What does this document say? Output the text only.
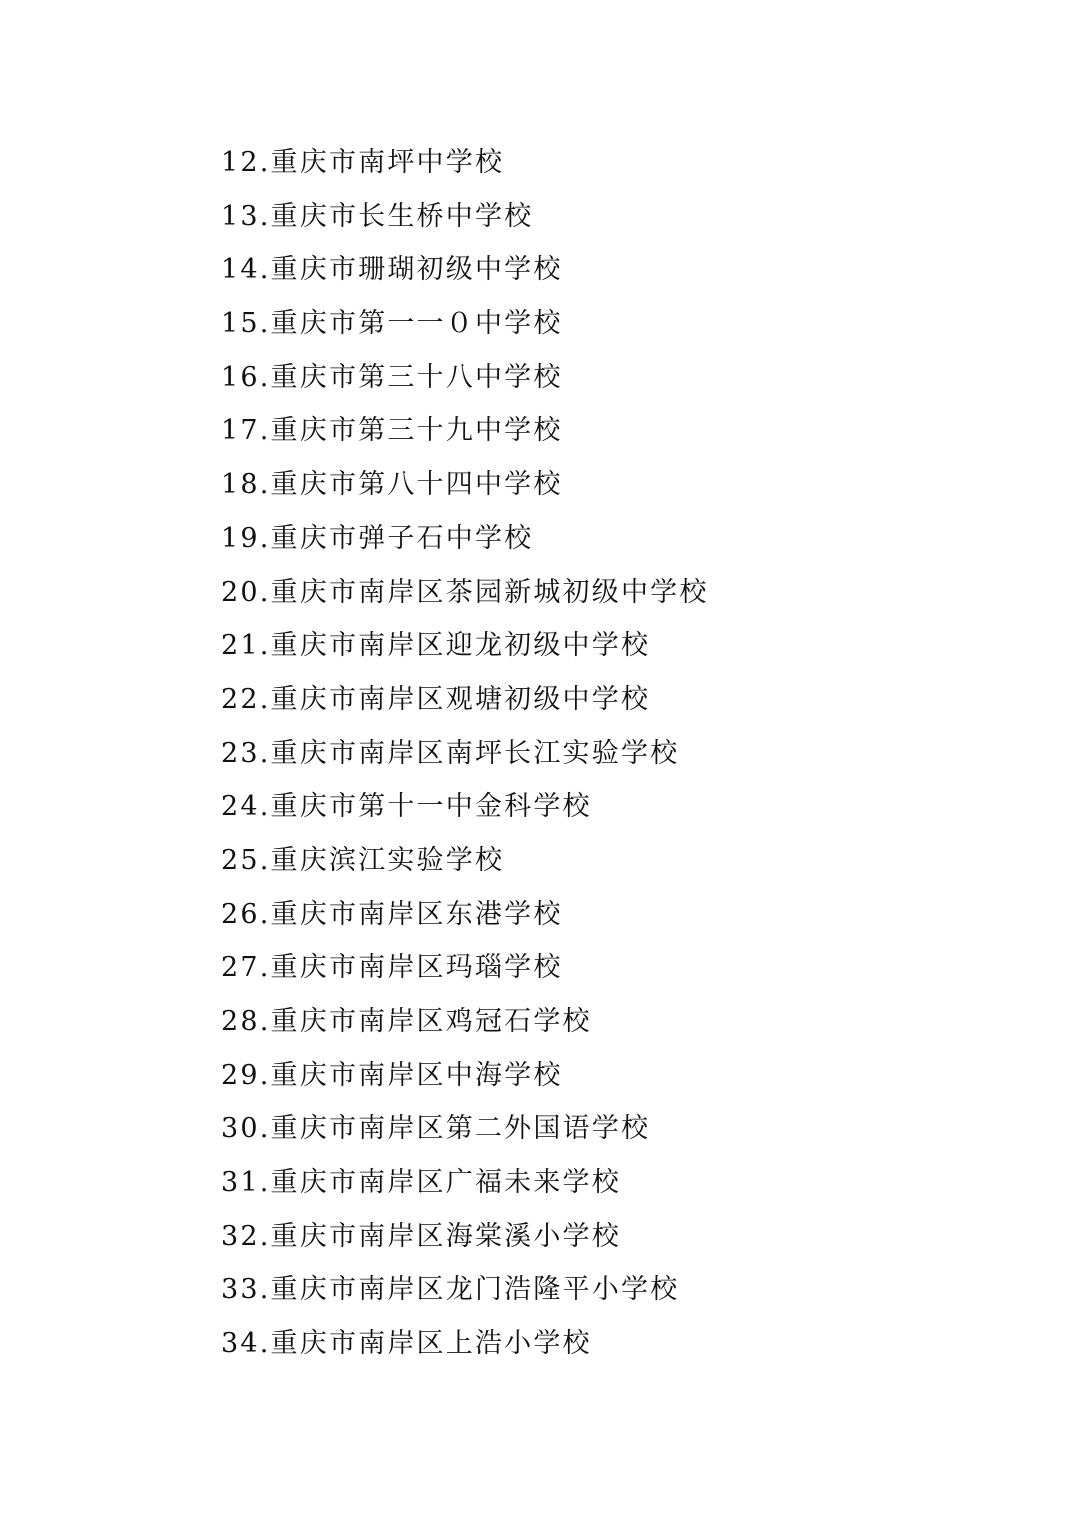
12.重庆市南坪中学校
13.重庆市长生桥中学校
14.重庆市珊瑚初级中学校
15.重庆市第一一０中学校
16.重庆市第三十八中学校
17.重庆市第三十九中学校
18.重庆市第八十四中学校
19.重庆市弹子石中学校
20.重庆市南岸区茶园新城初级中学校
21.重庆市南岸区迎龙初级中学校
22.重庆市南岸区观塘初级中学校
23.重庆市南岸区南坪长江实验学校
24.重庆市第十一中金科学校
25.重庆滨江实验学校
26.重庆市南岸区东港学校
27.重庆市南岸区玛瑙学校
28.重庆市南岸区鸡冠石学校
29.重庆市南岸区中海学校
30.重庆市南岸区第二外国语学校
31.重庆市南岸区广福未来学校
32.重庆市南岸区海棠溪小学校
33.重庆市南岸区龙门浩隆平小学校
34.重庆市南岸区上浩小学校
